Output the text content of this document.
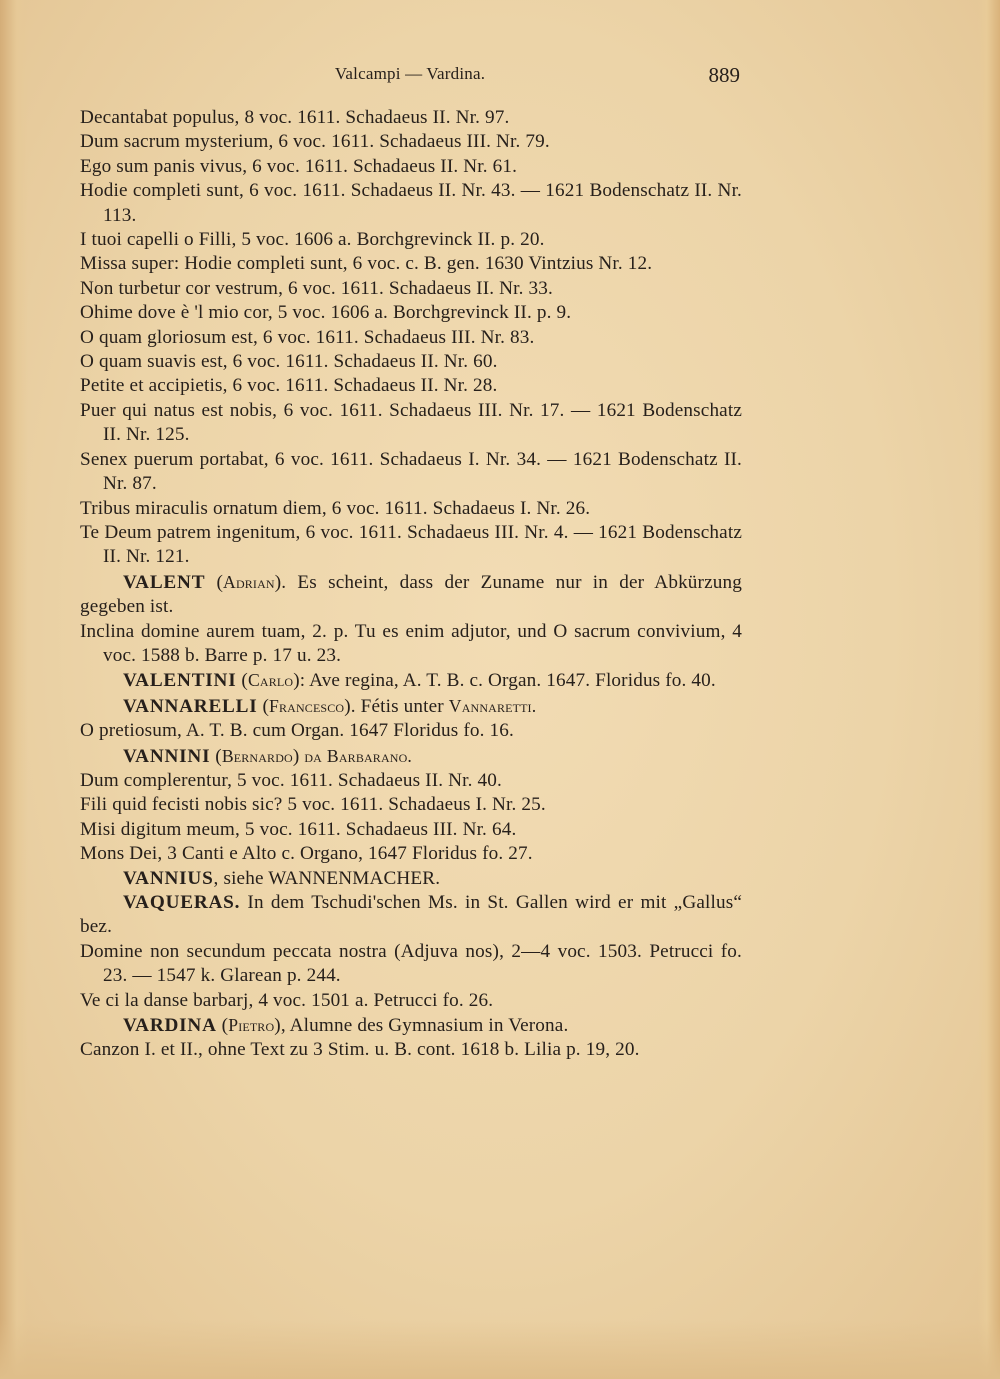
Valcampi — Vardina.	889

Decantabat populus, 8 voc. 1611. Schadaeus II. Nr. 97.

Dum sacrum mysterium, 6 voc. 1611. Schadaeus III. Nr. 79.

Ego sum panis vivus, 6 voc. 1611. Schadaeus II. Nr. 61.

Hodie completi sunt, 6 voc. 1611. Schadaeus II. Nr. 43. — 1621 Bodenschatz II. Nr. 113.

I tuoi capelli o Filli, 5 voc. 1606 a. Borchgrevinck II. p. 20.

Missa super: Hodie completi sunt, 6 voc. c. B. gen. 1630 Vintzius Nr. 12.

Non turbetur cor vestrum, 6 voc. 1611. Schadaeus II. Nr. 33.

Ohime dove è 'l mio cor, 5 voc. 1606 a. Borchgrevinck II. p. 9.

O quam gloriosum est, 6 voc. 1611. Schadaeus III. Nr. 83.

O quam suavis est, 6 voc. 1611. Schadaeus II. Nr. 60.

Petite et accipietis, 6 voc. 1611. Schadaeus II. Nr. 28.

Puer qui natus est nobis, 6 voc. 1611. Schadaeus III. Nr. 17. — 1621 Bodenschatz II. Nr. 125.

Senex puerum portabat, 6 voc. 1611. Schadaeus I. Nr. 34. — 1621 Bodenschatz II. Nr. 87.

Tribus miraculis ornatum diem, 6 voc. 1611. Schadaeus I. Nr. 26.

Te Deum patrem ingenitum, 6 voc. 1611. Schadaeus III. Nr. 4. — 1621 Bodenschatz II. Nr. 121.

VALENT (Adrian). Es scheint, dass der Zuname nur in der Abkürzung gegeben ist.

Inclina domine aurem tuam, 2. p. Tu es enim adjutor, und O sacrum convivium, 4 voc. 1588 b. Barre p. 17 u. 23.

VALENTINI (Carlo): Ave regina, A. T. B. c. Organ. 1647. Floridus fo. 40.

VANNARELLI (Francesco). Fétis unter Vannaretti.

O pretiosum, A. T. B. cum Organ. 1647 Floridus fo. 16.

VANNINI (Bernardo) da Barbarano.

Dum complerentur, 5 voc. 1611. Schadaeus II. Nr. 40.

Fili quid fecisti nobis sic? 5 voc. 1611. Schadaeus I. Nr. 25.

Misi digitum meum, 5 voc. 1611. Schadaeus III. Nr. 64.

Mons Dei, 3 Canti e Alto c. Organo, 1647 Floridus fo. 27.

VANNIUS, siehe WANNENMACHER.

VAQUERAS. In dem Tschudi'schen Ms. in St. Gallen wird er mit „Gallus“ bez.

Domine non secundum peccata nostra (Adjuva nos), 2—4 voc. 1503. Petrucci fo. 23. — 1547 k. Glarean p. 244.

Ve ci la danse barbarj, 4 voc. 1501 a. Petrucci fo. 26.

VARDINA (Pietro), Alumne des Gymnasium in Verona.

Canzon I. et II., ohne Text zu 3 Stim. u. B. cont. 1618 b. Lilia p. 19, 20.
